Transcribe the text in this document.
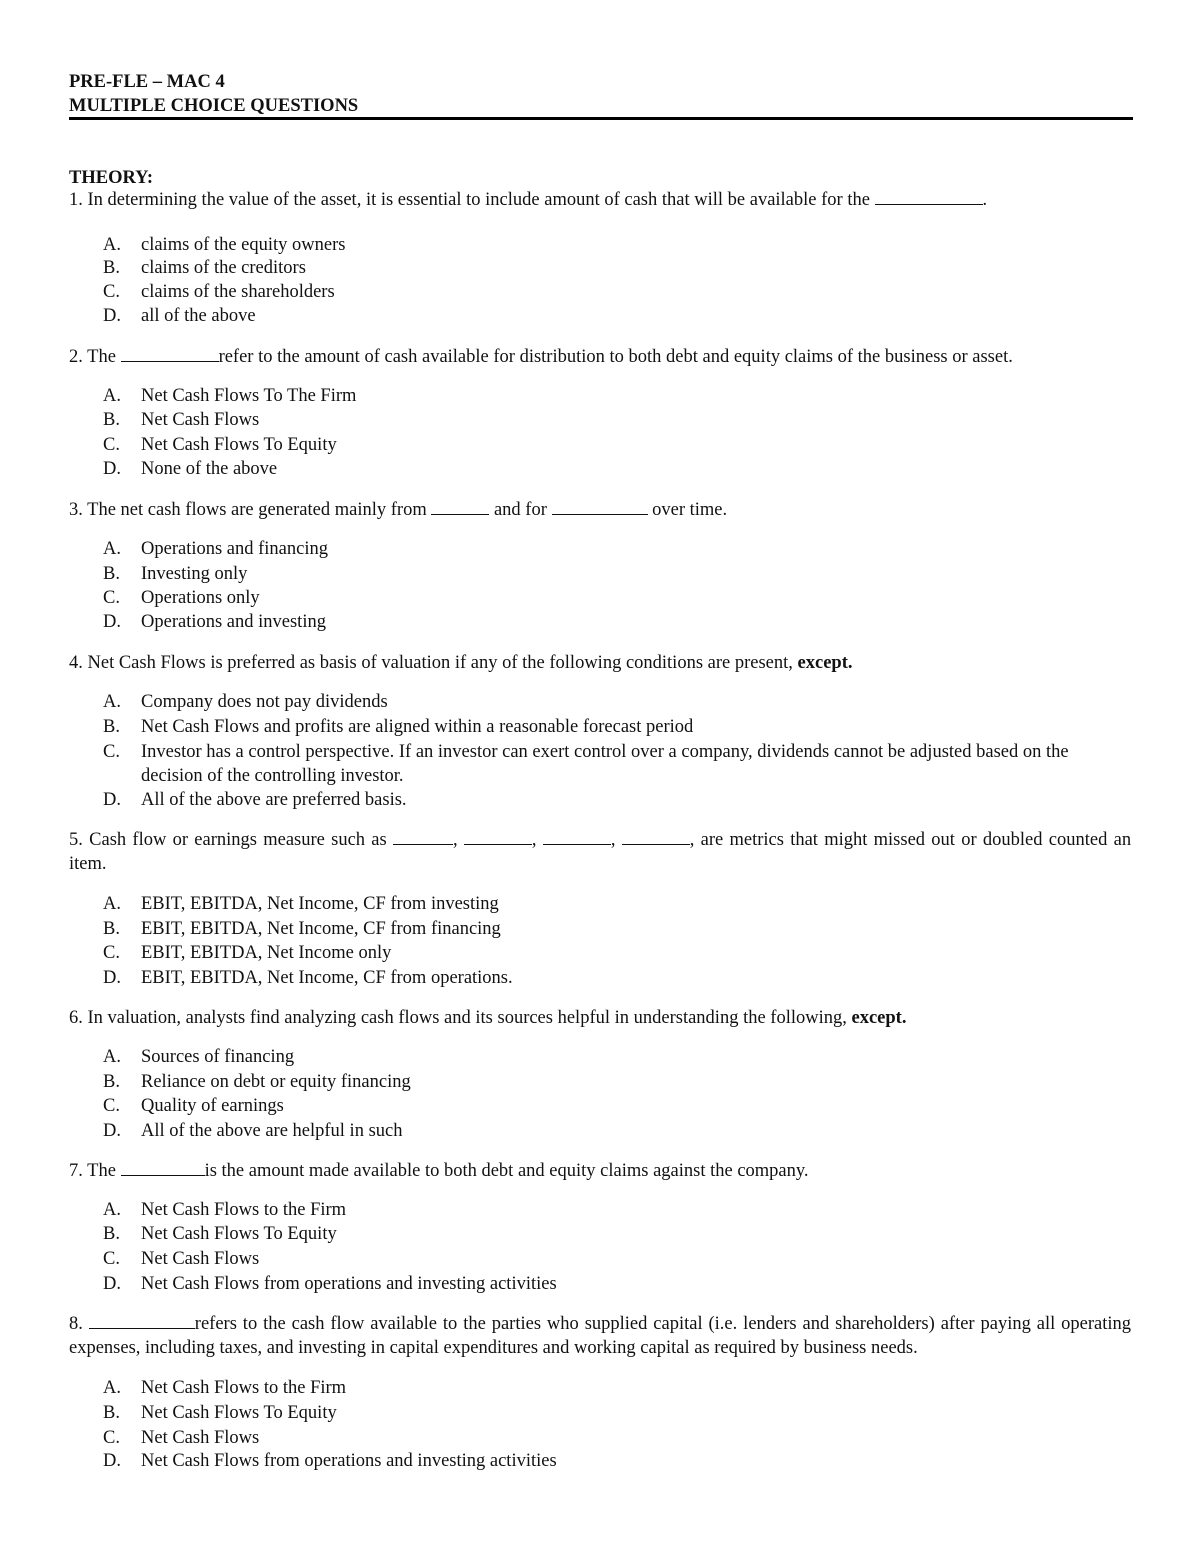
PRE-FLE – MAC 4
MULTIPLE CHOICE QUESTIONS
THEORY:
1. In determining the value of the asset, it is essential to include amount of cash that will be available for the	.
A.	claims of the equity owners
B.	claims of the creditors
C.	claims of the shareholders
D.	all of the above
2. The	refer to the amount of cash available for distribution to both debt and equity claims of the business or asset.
A.	Net Cash Flows To The Firm
B.	Net Cash Flows
C.	Net Cash Flows To Equity
D.	None of the above
3. The net cash flows are generated mainly from	and for	over time.
A.	Operations and financing
B.	Investing only
C.	Operations only
D.	Operations and investing
4. Net Cash Flows is preferred as basis of valuation if any of the following conditions are present, except.
A.	Company does not pay dividends
B.	Net Cash Flows and profits are aligned within a reasonable forecast period
C.	Investor has a control perspective. If an investor can exert control over a company, dividends cannot be adjusted based on the decision of the controlling investor.
D.	All of the above are preferred basis.
5. Cash flow or earnings measure such as	,	,	,	, are metrics that might missed out or doubled counted an item.
A.	EBIT, EBITDA, Net Income, CF from investing
B.	EBIT, EBITDA, Net Income, CF from financing
C.	EBIT, EBITDA, Net Income only
D.	EBIT, EBITDA, Net Income, CF from operations.
6. In valuation, analysts find analyzing cash flows and its sources helpful in understanding the following, except.
A.	Sources of financing
B.	Reliance on debt or equity financing
C.	Quality of earnings
D.	All of the above are helpful in such
7. The	is the amount made available to both debt and equity claims against the company.
A.	Net Cash Flows to the Firm
B.	Net Cash Flows To Equity
C.	Net Cash Flows
D.	Net Cash Flows from operations and investing activities
8.	refers to the cash flow available to the parties who supplied capital (i.e. lenders and shareholders) after paying all operating expenses, including taxes, and investing in capital expenditures and working capital as required by business needs.
A.	Net Cash Flows to the Firm
B.	Net Cash Flows To Equity
C.	Net Cash Flows
D.	Net Cash Flows from operations and investing activities
